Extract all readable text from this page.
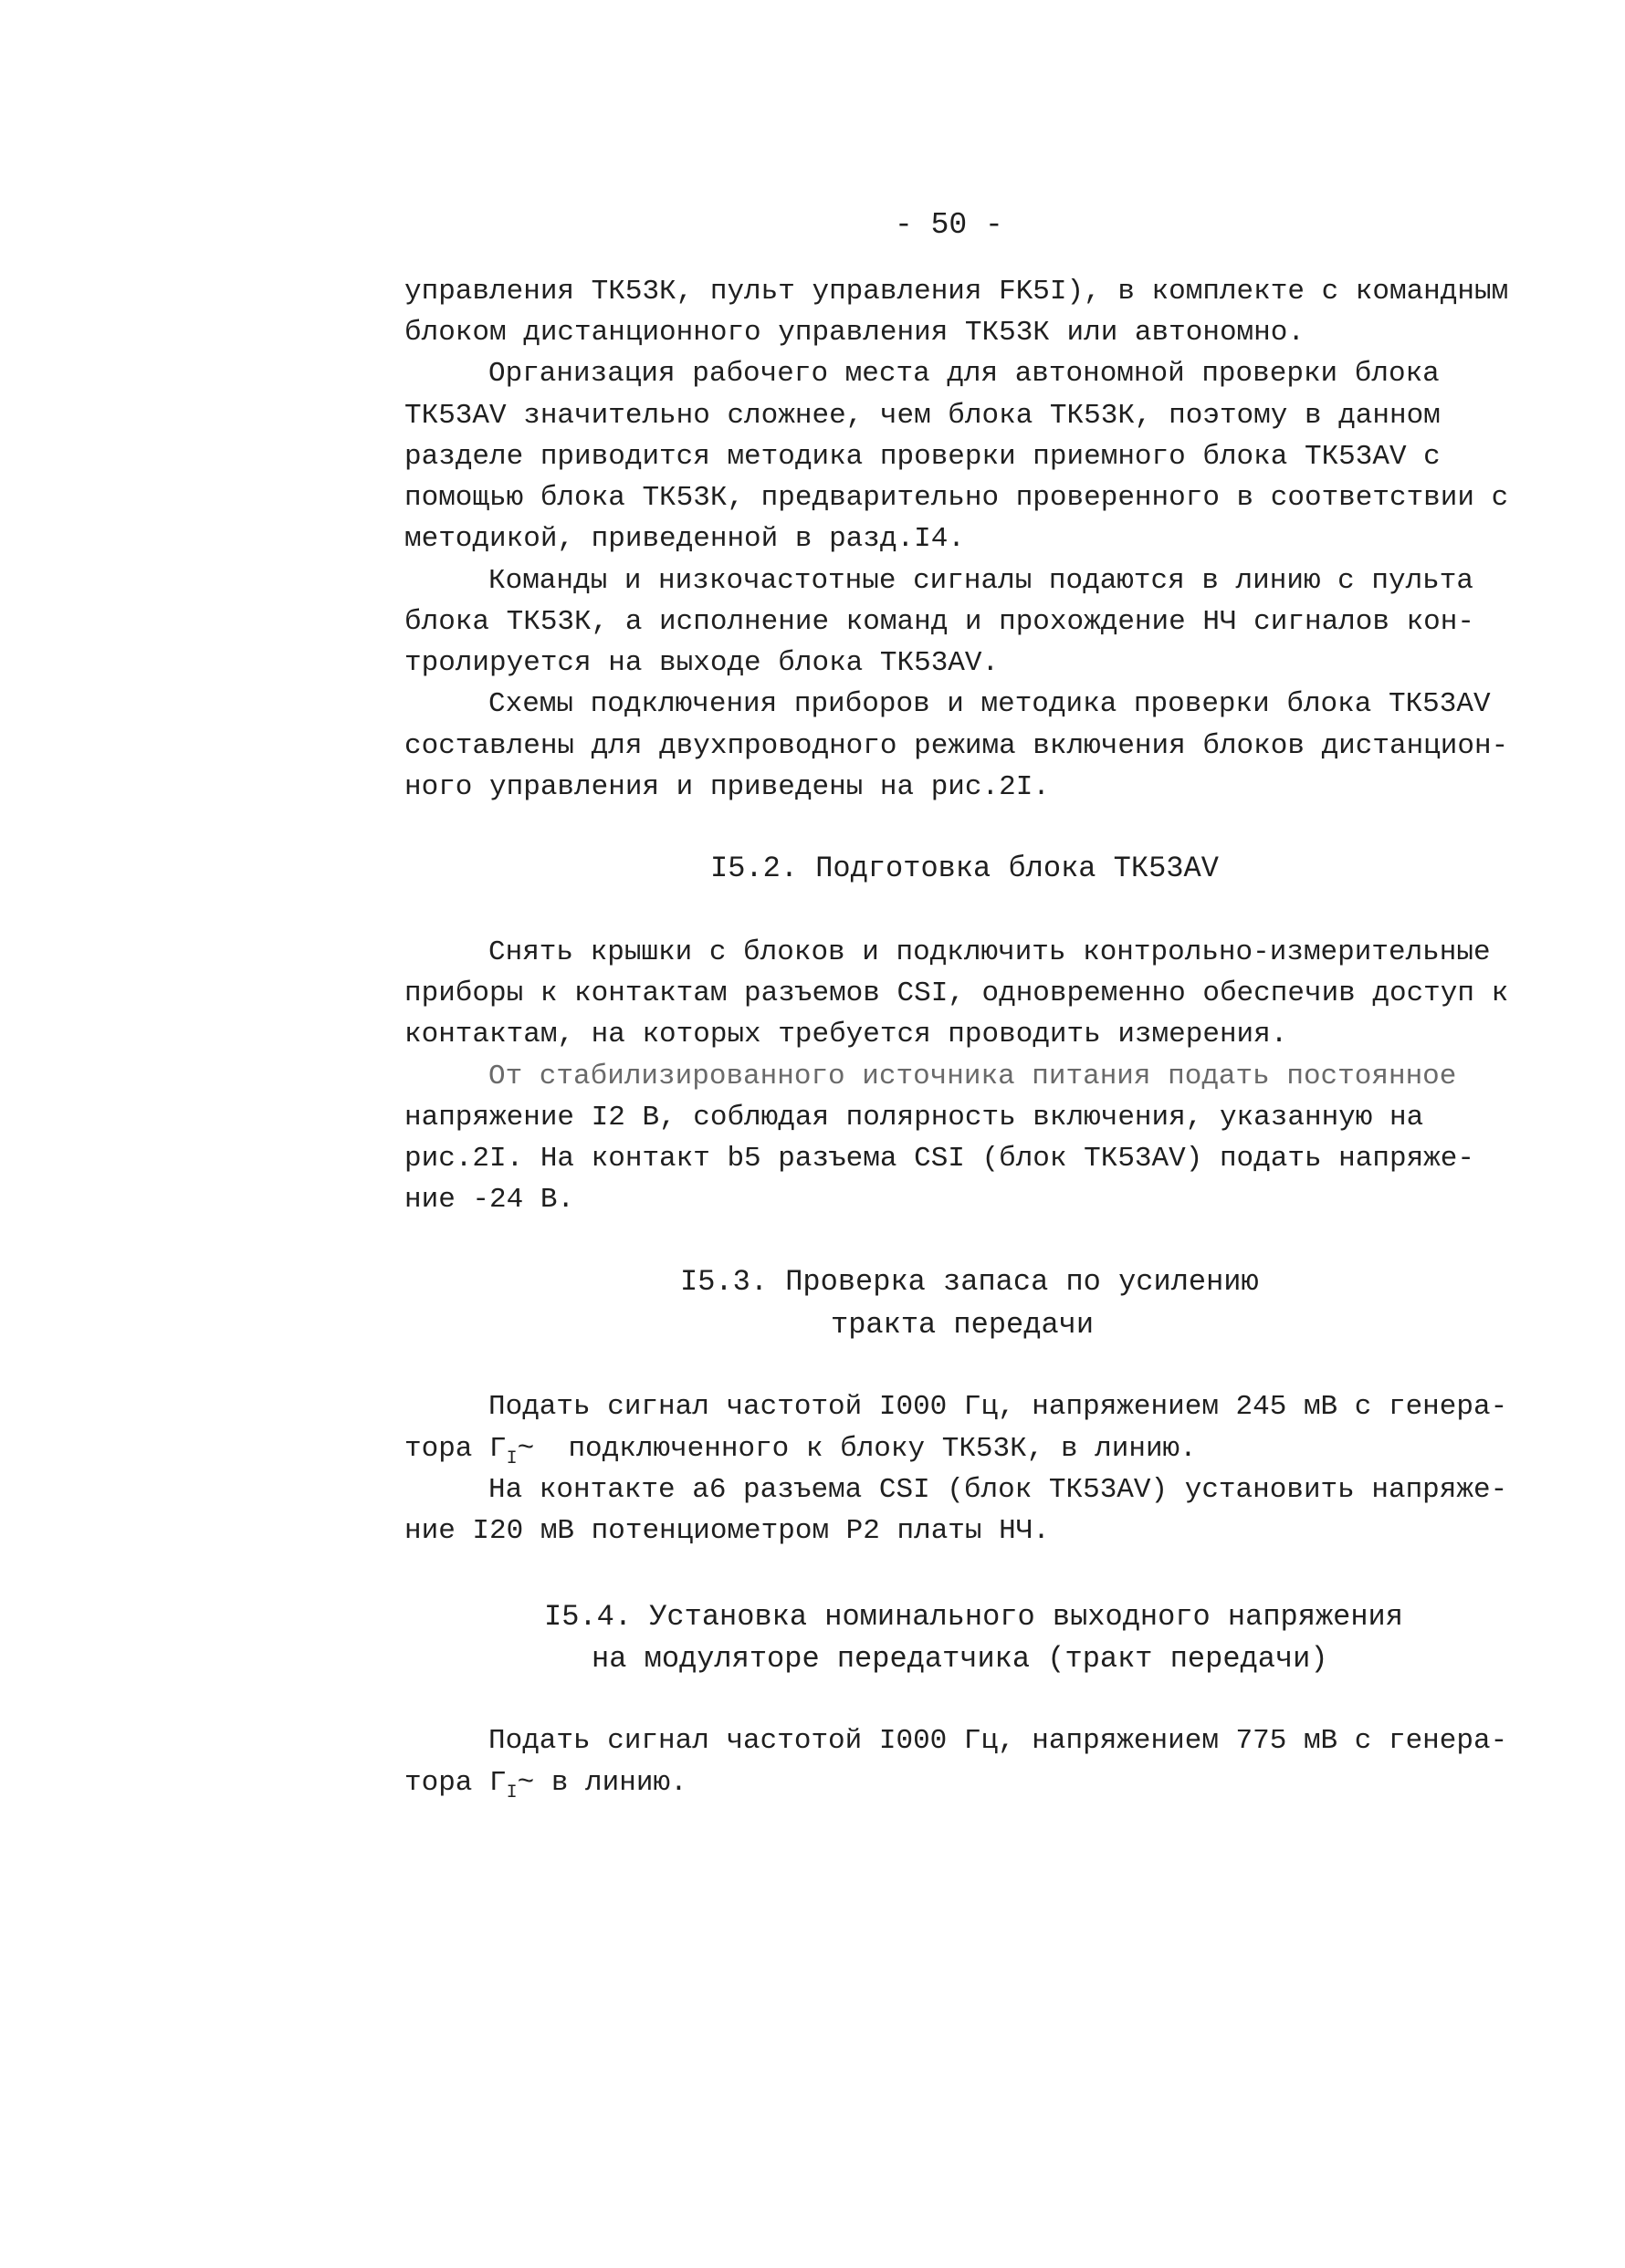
- 50 -
управления ТК53К, пульт управления FK5I), в комплекте с командным
блоком дистанционного управления ТК53К или автономно.
Организация рабочего места для автономной проверки блока
ТК53AV значительно сложнее, чем блока ТК53К, поэтому в данном
разделе приводится методика проверки приемного блока ТК53AV с
помощью блока ТК53К, предварительно проверенного в соответствии с
методикой, приведенной в разд.I4.
Команды и низкочастотные сигналы подаются в линию с пульта
блока ТК53К, а исполнение команд и прохождение НЧ сигналов кон-
тролируется на выходе блока ТК53AV.
Схемы подключения приборов и методика проверки блока ТК53AV
составлены для двухпроводного режима включения блоков дистанцион-
ного управления и приведены на рис.2I.
I5.2. Подготовка блока ТК53AV
Снять крышки с блоков и подключить контрольно-измерительные
приборы к контактам разъемов CSI, одновременно обеспечив доступ к
контактам, на которых требуется проводить измерения.
От стабилизированного источника питания подать постоянное
напряжение I2 В, соблюдая полярность включения, указанную на
рис.2I. На контакт b5 разъема CSI (блок ТК53AV) подать напряже-
ние -24 В.
I5.3. Проверка запаса по усилению
тракта передачи
Подать сигнал частотой I000 Гц, напряжением 245 мВ с генера-
тора $Г_I\sim$  подключенного к блоку ТК53К, в линию.
На контакте а6 разъема CSI (блок ТК53AV) установить напряже-
ние I20 мВ потенциометром Р2 платы НЧ.
I5.4. Установка номинального выходного напряжения
на модуляторе передатчика (тракт передачи)
Подать сигнал частотой I000 Гц, напряжением 775 мВ с генера-
тора $Г_I\sim$ в линию.
